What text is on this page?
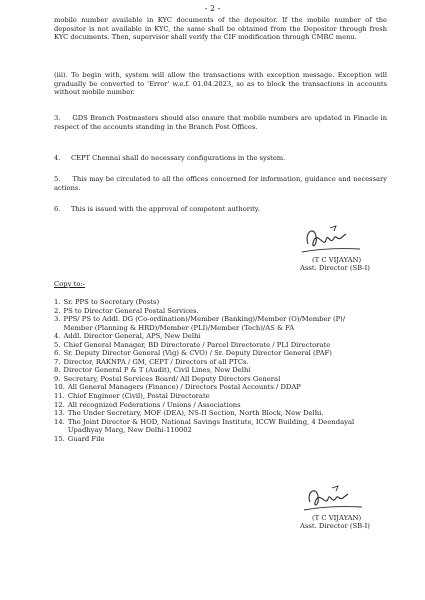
- 2 -
mobile number available in KYC documents of the depositor. If the mobile number of the depositor is not available in KYC, the same shall be obtained from the Depositor through fresh KYC documents. Then, supervisor shall verify the CIF modification through CMRC menu.
(iii). To begin with, system will allow the transactions with exception message. Exception will gradually be converted to 'Error' w.e.f. 01.04.2023, so as to block the transactions in accounts without mobile number.
3. GDS Branch Postmasters should also ensure that mobile numbers are updated in Finacle in respect of the accounts standing in the Branch Post Offices.
4. CEPT Chennai shall do necessary configurations in the system.
5. This may be circulated to all the offices concerned for information, guidance and necessary actions.
6. This is issued with the approval of competent authority.
(T C VIJAYAN)
Asst. Director (SB-I)
Copy to:-
1. Sr. PPS to Secretary (Posts)
2. PS to Director General Postal Services.
3. PPS/ PS to Addl. DG (Co-ordination)/Member (Banking)/Member (O)/Member (P)/ Member (Planning & HRD)/Member (PLI)/Member (Tech)/AS & FA
4. Addl. Director General, APS, New Delhi
5. Chief General Manager, BD Directorate / Parcel Directorate / PLI Directorate
6. Sr. Deputy Director General (Vig) & CVO) / Sr. Deputy Director General (PAF)
7. Director, RAKNPA / GM, CEPT / Directors of all PTCs.
8. Director General P & T (Audit), Civil Lines, New Delhi
9. Secretary, Postal Services Board/ All Deputy Directors General
10. All General Managers (Finance) / Directors Postal Accounts / DDAP
11. Chief Engineer (Civil), Postal Directorate
12. All recognized Federations / Unions / Associations
13. The Under Secretary, MOF (DEA), NS-II Section, North Block, New Delhi.
14. The Joint Director & HOD, National Savings Institute, ICCW Building, 4 Deendayal Upadhyay Marg, New Delhi-110002
15. Guard File
(T C VIJAYAN)
Asst. Director (SB-I)
